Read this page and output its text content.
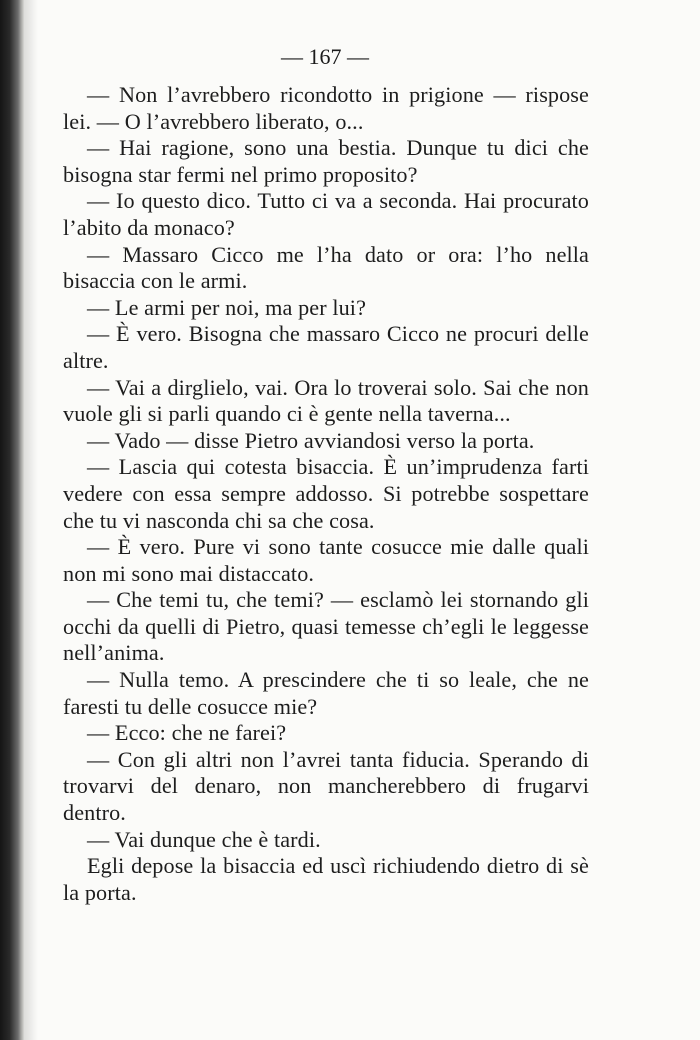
— 167 —

— Non l’avrebbero ricondotto in prigione — rispose lei. — O l’avrebbero liberato, o...

— Hai ragione, sono una bestia. Dunque tu dici che bisogna star fermi nel primo proposito?

— Io questo dico. Tutto ci va a seconda. Hai procurato l’abito da monaco?

— Massaro Cicco me l’ha dato or ora: l’ho nella bisaccia con le armi.

— Le armi per noi, ma per lui?

— È vero. Bisogna che massaro Cicco ne procuri delle altre.

— Vai a dirglielo, vai. Ora lo troverai solo. Sai che non vuole gli si parli quando ci è gente nella taverna...

— Vado — disse Pietro avviandosi verso la porta.

— Lascia qui cotesta bisaccia. È un’imprudenza farti vedere con essa sempre addosso. Si potrebbe sospettare che tu vi nasconda chi sa che cosa.

— È vero. Pure vi sono tante cosucce mie dalle quali non mi sono mai distaccato.

— Che temi tu, che temi? — esclamò lei stornando gli occhi da quelli di Pietro, quasi temesse ch’egli le leggesse nell’anima.

— Nulla temo. A prescindere che ti so leale, che ne faresti tu delle cosucce mie?

— Ecco: che ne farei?

— Con gli altri non l’avrei tanta fiducia. Sperando di trovarvi del denaro, non mancherebbero di frugarvi dentro.

— Vai dunque che è tardi.

Egli depose la bisaccia ed uscì richiudendo dietro di sè la porta.
